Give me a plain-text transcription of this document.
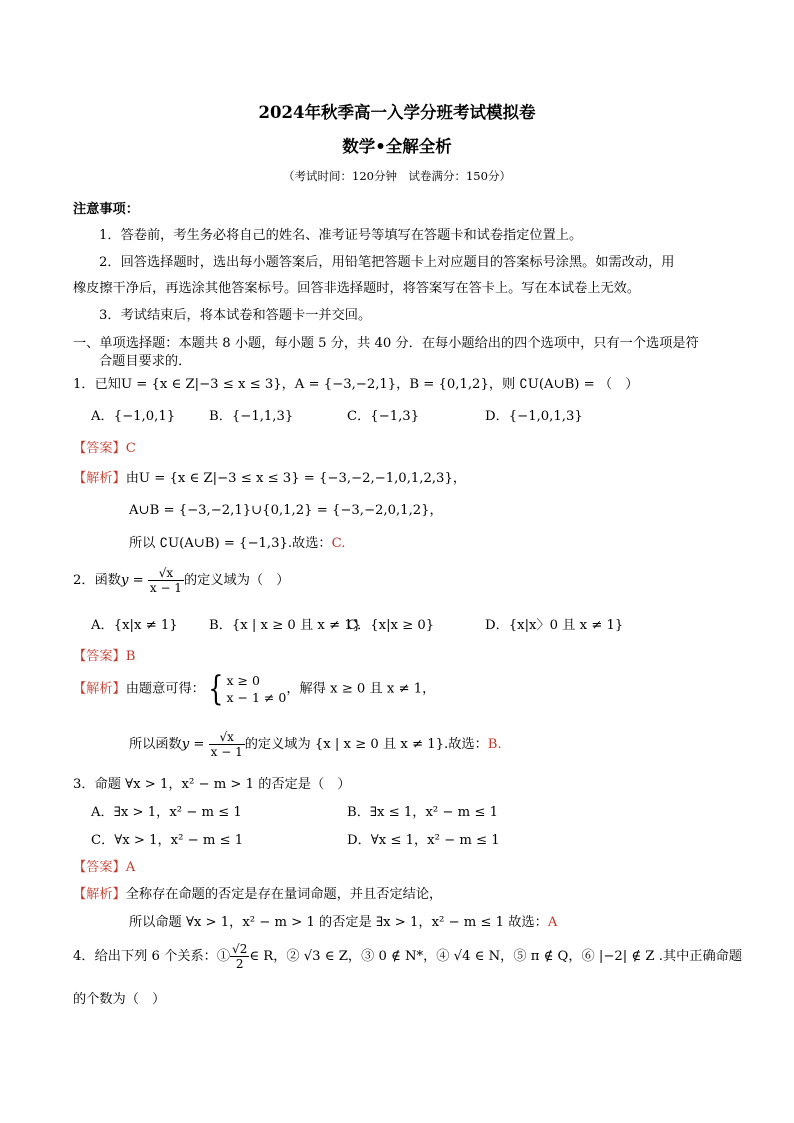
2024年秋季高一入学分班考试模拟卷
数学•全解全析
（考试时间：120分钟　试卷满分：150分）
注意事项：
1．答卷前，考生务必将自己的姓名、准考证号等填写在答题卡和试卷指定位置上。
2．回答选择题时，选出每小题答案后，用铅笔把答题卡上对应题目的答案标号涂黑。如需改动，用
橡皮擦干净后，再选涂其他答案标号。回答非选择题时，将答案写在答卡上。写在本试卷上无效。
3．考试结束后，将本试卷和答题卡一并交回。
一、单项选择题：本题共 8 小题，每小题 5 分，共 40 分．在每小题给出的四个选项中，只有一个选项是符
合题目要求的．
1．已知U = {x ∈ Z|−3 ≤ x ≤ 3}，A = {−3,−2,1}，B = {0,1,2}，则 ∁U(A∪B) = （　）
A．{−1,0,1}	B．{−1,1,3}	C．{−1,3}	D．{−1,0,1,3}
【答案】C
【解析】由U = {x ∈ Z|−3 ≤ x ≤ 3} = {−3,−2,−1,0,1,2,3}，
A∪B = {−3,−2,1}∪{0,1,2} = {−3,−2,0,1,2}，
所以 ∁U(A∪B) = {−1,3}.故选：C.
2．函数$y = \frac{√x}{x - 1}$ 的定义域为（　）
A．{x|x ≠ 1} B．{x | x ≥ 0 且 x ≠ 1}
C．{x|x ≥ 0}	D．{x|x〉0 且 x ≠ 1}
【答案】B
【解析】由题意可得：{ x ≥ 0
x − 1 ≠ 0，解得 x ≥ 0 且 x ≠ 1，
所以函数$y = \frac{√x}{x - 1}$ 的定义域为 {x | x ≥ 0 且 x ≠ 1}.故选：B.
3．命题 ∀x > 1，x² − m > 1 的否定是（　）
A．∃x > 1，x² − m ≤ 1	B．∃x ≤ 1，x² − m ≤ 1
C．∀x > 1，x² − m ≤ 1	D．∀x ≤ 1，x² − m ≤ 1
【答案】A
【解析】全称存在命题的否定是存在量词命题，并且否定结论，
所以命题 ∀x > 1，x² − m > 1 的否定是 ∃x > 1，x² − m ≤ 1 故选：A
4．给出下列 6 个关系：① $\frac{√2}{2}$ ∈ R，② √3 ∈ Z，③ 0 ∉ N*，④ √4 ∈ N，⑤ π ∉ Q，⑥ |−2| ∉ Z .其中正确命题
的个数为（　）
